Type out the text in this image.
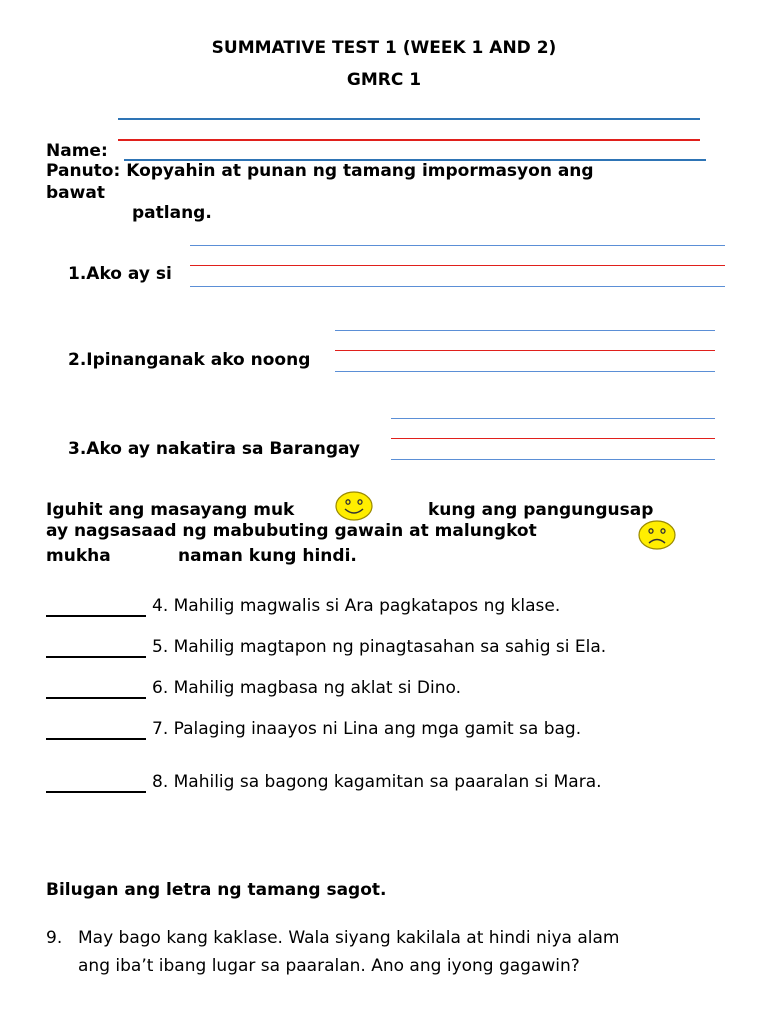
SUMMATIVE TEST 1 (WEEK 1 AND 2)
GMRC 1
Name:
Panuto: Kopyahin at punan ng tamang impormasyon ang
bawat
patlang.
1.Ako ay si
2.Ipinanganak ako noong
3.Ako ay nakatira sa Barangay
Iguhit ang masayang muk	kung ang pangungusap
ay nagsasaad ng mabubuting gawain at malungkot
mukha	naman kung hindi.
4. Mahilig magwalis si Ara pagkatapos ng klase.
5. Mahilig magtapon ng pinagtasahan sa sahig si Ela.
6. Mahilig magbasa ng aklat si Dino.
7. Palaging inaayos ni Lina ang mga gamit sa bag.
8. Mahilig sa bagong kagamitan sa paaralan si Mara.
Bilugan ang letra ng tamang sagot.
9. May bago kang kaklase. Wala siyang kakilala at hindi niya alam
ang iba’t ibang lugar sa paaralan. Ano ang iyong gagawin?
